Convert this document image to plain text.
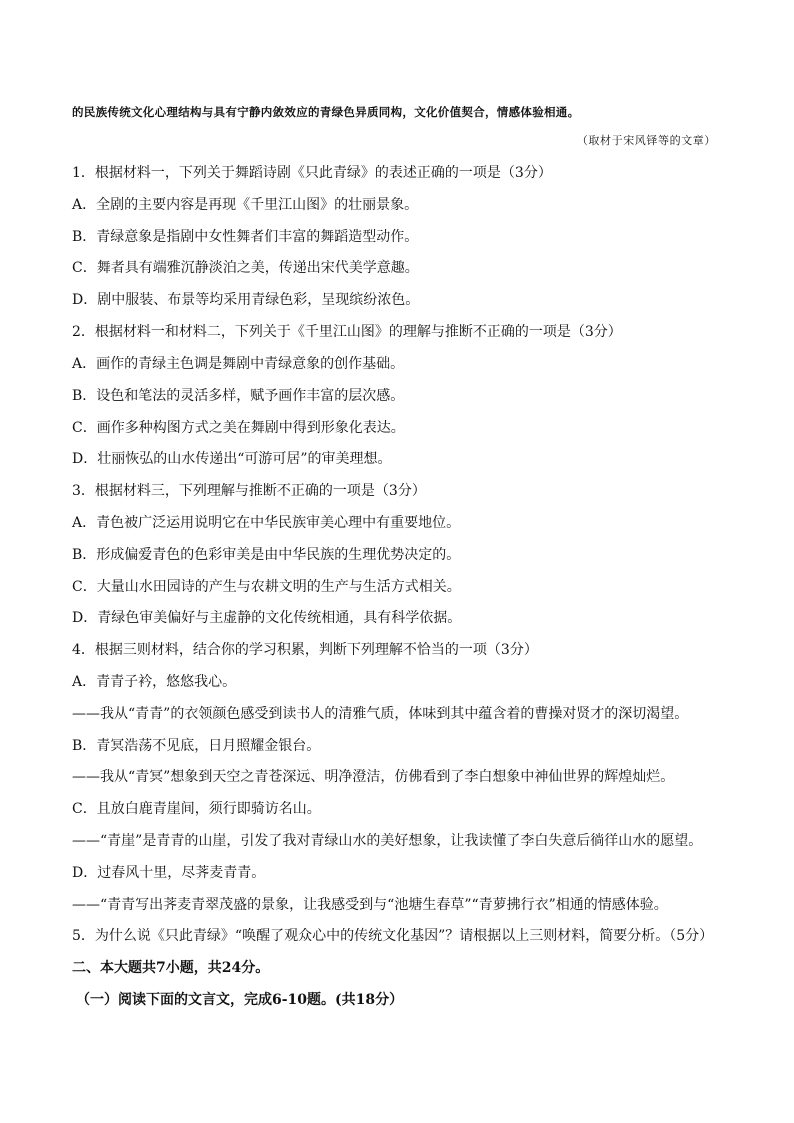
的民族传统文化心理结构与具有宁静内敛效应的青绿色异质同构，文化价值契合，情感体验相通。
（取材于宋风铎等的文章）
1．根据材料一，下列关于舞蹈诗剧《只此青绿》的表述正确的一项是（3分）
A．全剧的主要内容是再现《千里江山图》的壮丽景象。
B．青绿意象是指剧中女性舞者们丰富的舞蹈造型动作。
C．舞者具有端雅沉静淡泊之美，传递出宋代美学意趣。
D．剧中服装、布景等均采用青绿色彩，呈现缤纷浓色。
2．根据材料一和材料二，下列关于《千里江山图》的理解与推断不正确的一项是（3分）
A．画作的青绿主色调是舞剧中青绿意象的创作基础。
B．设色和笔法的灵活多样，赋予画作丰富的层次感。
C．画作多种构图方式之美在舞剧中得到形象化表达。
D．壮丽恢弘的山水传递出“可游可居”的审美理想。
3．根据材料三，下列理解与推断不正确的一项是（3分）
A．青色被广泛运用说明它在中华民族审美心理中有重要地位。
B．形成偏爱青色的色彩审美是由中华民族的生理优势决定的。
C．大量山水田园诗的产生与农耕文明的生产与生活方式相关。
D．青绿色审美偏好与主虚静的文化传统相通，具有科学依据。
4．根据三则材料，结合你的学习积累，判断下列理解不恰当的一项（3分）
A．青青子衿，悠悠我心。
——我从“青青”的衣领颜色感受到读书人的清雅气质，体味到其中蕴含着的曹操对贤才的深切渴望。
B．青冥浩荡不见底，日月照耀金银台。
——我从“青冥”想象到天空之青苍深远、明净澄洁，仿佛看到了李白想象中神仙世界的辉煌灿烂。
C．且放白鹿青崖间，须行即骑访名山。
——“青崖”是青青的山崖，引发了我对青绿山水的美好想象，让我读懂了李白失意后徜徉山水的愿望。
D．过春风十里，尽荠麦青青。
——“青青写出荠麦青翠茂盛的景象，让我感受到与“池塘生春草”“青萝拂行衣”相通的情感体验。
5．为什么说《只此青绿》“唤醒了观众心中的传统文化基因”？请根据以上三则材料，简要分析。（5分）
二、本大题共7小题，共24分。
（一）阅读下面的文言文，完成6-10题。(共18分）
